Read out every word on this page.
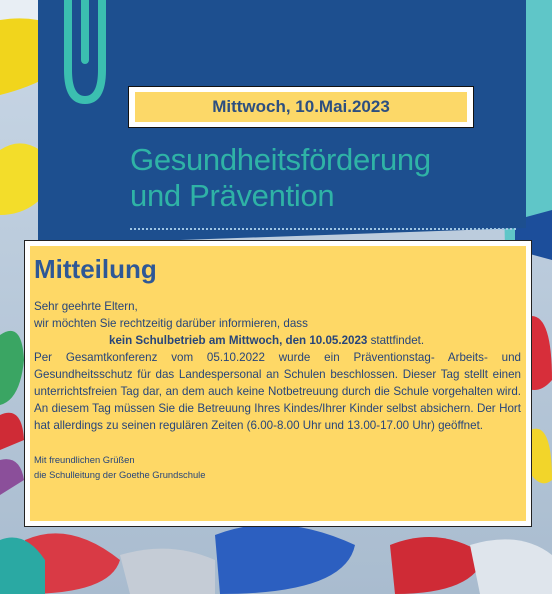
Mittwoch, 10.Mai.2023
Gesundheitsförderung
und Prävention
Mitteilung
Sehr geehrte Eltern,
wir möchten Sie rechtzeitig darüber informieren, dass
kein Schulbetrieb am Mittwoch, den 10.05.2023 stattfindet.
Per Gesamtkonferenz vom 05.10.2022 wurde ein Präventionstag- Arbeits- und Gesundheitsschutz für das Landespersonal an Schulen beschlossen. Dieser Tag stellt einen unterrichtsfreien Tag dar, an dem auch keine Notbetreuung durch die Schule vorgehalten wird. An diesem Tag müssen Sie die Betreuung Ihres Kindes/Ihrer Kinder selbst absichern. Der Hort hat allerdings zu seinen regulären Zeiten (6.00-8.00 Uhr und 13.00-17.00 Uhr) geöffnet.
Mit freundlichen Grüßen
die Schulleitung der Goethe Grundschule
